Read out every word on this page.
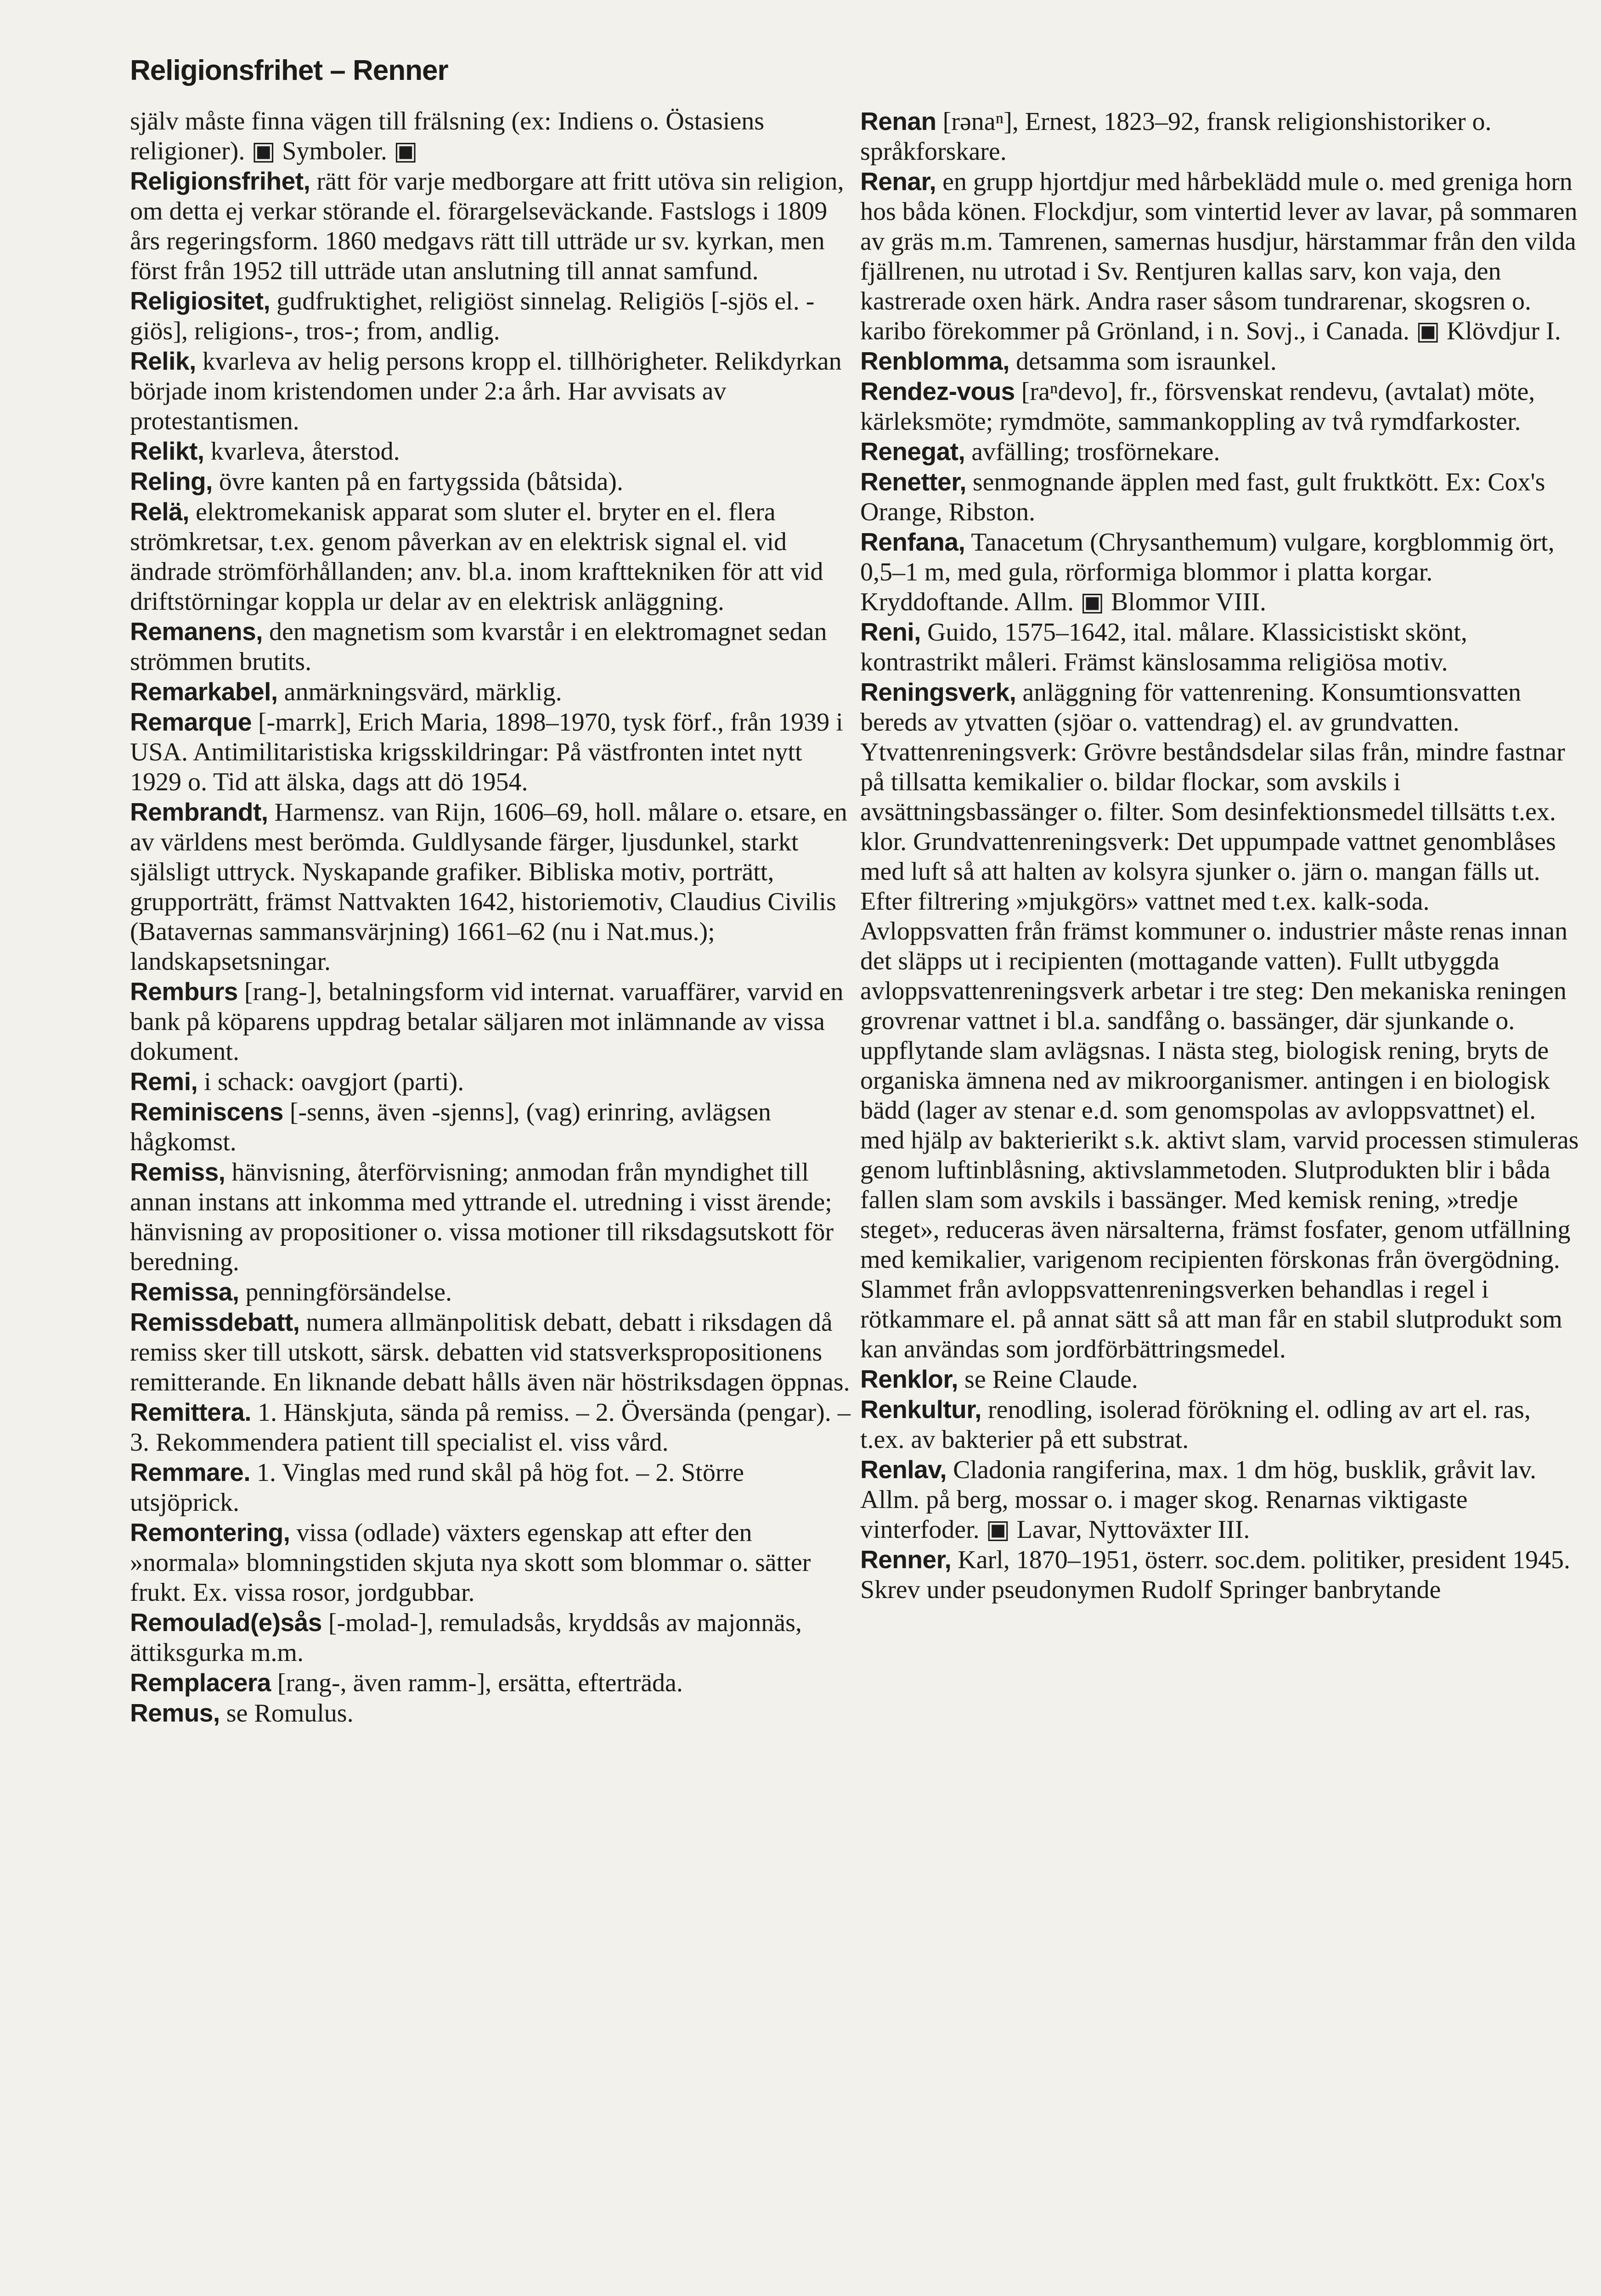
Religionsfrihet – Renner

själv måste finna vägen till frälsning (ex: Indiens o. Östasiens religioner). ▣ Symboler. ▣

Religionsfrihet, rätt för varje medborgare att fritt utöva sin religion, om detta ej verkar störande el. förargelseväckande. Fastslogs i 1809 års regeringsform. 1860 medgavs rätt till utträde ur sv. kyrkan, men först från 1952 till utträde utan anslutning till annat samfund.

Religiositet, gudfruktighet, religiöst sinnelag. Religiös [-sjös el. -giös], religions-, tros-; from, andlig.

Relik, kvarleva av helig persons kropp el. tillhörigheter. Relikdyrkan började inom kristendomen under 2:a årh. Har avvisats av protestantismen.

Relikt, kvarleva, återstod.

Reling, övre kanten på en fartygssida (båtsida).

Relä, elektromekanisk apparat som sluter el. bryter en el. flera strömkretsar, t.ex. genom påverkan av en elektrisk signal el. vid ändrade strömförhållanden; anv. bl.a. inom krafttekniken för att vid driftstörningar koppla ur delar av en elektrisk anläggning.

Remanens, den magnetism som kvarstår i en elektromagnet sedan strömmen brutits.

Remarkabel, anmärkningsvärd, märklig.

Remarque [-marrk], Erich Maria, 1898–1970, tysk förf., från 1939 i USA. Antimilitaristiska krigsskildringar: På västfronten intet nytt 1929 o. Tid att älska, dags att dö 1954.

Rembrandt, Harmensz. van Rijn, 1606–69, holl. målare o. etsare, en av världens mest berömda. Guldlysande färger, ljusdunkel, starkt själsligt uttryck. Nyskapande grafiker. Bibliska motiv, porträtt, grupporträtt, främst Nattvakten 1642, historiemotiv, Claudius Civilis (Batavernas sammansvärjning) 1661–62 (nu i Nat.mus.); landskapsetsningar.

Remburs [rang-], betalningsform vid internat. varuaffärer, varvid en bank på köparens uppdrag betalar säljaren mot inlämnande av vissa dokument.

Remi, i schack: oavgjort (parti).

Reminiscens [-senns, även -sjenns], (vag) erinring, avlägsen hågkomst.

Remiss, hänvisning, återförvisning; anmodan från myndighet till annan instans att inkomma med yttrande el. utredning i visst ärende; hänvisning av propositioner o. vissa motioner till riksdagsutskott för beredning.

Remissa, penningförsändelse.

Remissdebatt, numera allmänpolitisk debatt, debatt i riksdagen då remiss sker till utskott, särsk. debatten vid statsverkspropositionens remitterande. En liknande debatt hålls även när höstriksdagen öppnas.

Remittera. 1. Hänskjuta, sända på remiss. – 2. Översända (pengar). – 3. Rekommendera patient till specialist el. viss vård.

Remmare. 1. Vinglas med rund skål på hög fot. – 2. Större utsjöprick.

Remontering, vissa (odlade) växters egenskap att efter den »normala» blomningstiden skjuta nya skott som blommar o. sätter frukt. Ex. vissa rosor, jordgubbar.

Remoulad(e)sås [-molad-], remuladsås, kryddsås av majonnäs, ättiksgurka m.m.

Remplacera [rang-, även ramm-], ersätta, efterträda.

Remus, se Romulus.

Renan [rənaⁿ], Ernest, 1823–92, fransk religionshistoriker o. språkforskare.

Renar, en grupp hjortdjur med hårbeklädd mule o. med greniga horn hos båda könen. Flockdjur, som vintertid lever av lavar, på sommaren av gräs m.m. Tamrenen, samernas husdjur, härstammar från den vilda fjällrenen, nu utrotad i Sv. Rentjuren kallas sarv, kon vaja, den kastrerade oxen härk. Andra raser såsom tundrarenar, skogsren o. karibo förekommer på Grönland, i n. Sovj., i Canada. ▣ Klövdjur I.

Renblomma, detsamma som israunkel.

Rendez-vous [raⁿdevo], fr., försvenskat rendevu, (avtalat) möte, kärleksmöte; rymdmöte, sammankoppling av två rymdfarkoster.

Renegat, avfälling; trosförnekare.

Renetter, senmognande äpplen med fast, gult fruktkött. Ex: Cox's Orange, Ribston.

Renfana, Tanacetum (Chrysanthemum) vulgare, korgblommig ört, 0,5–1 m, med gula, rörformiga blommor i platta korgar. Kryddoftande. Allm. ▣ Blommor VIII.

Reni, Guido, 1575–1642, ital. målare. Klassicistiskt skönt, kontrastrikt måleri. Främst känslosamma religiösa motiv.

Reningsverk, anläggning för vattenrening. Konsumtionsvatten bereds av ytvatten (sjöar o. vattendrag) el. av grundvatten. Ytvattenreningsverk: Grövre beståndsdelar silas från, mindre fastnar på tillsatta kemikalier o. bildar flockar, som avskils i avsättningsbassänger o. filter. Som desinfektionsmedel tillsätts t.ex. klor. Grundvattenreningsverk: Det uppumpade vattnet genomblåses med luft så att halten av kolsyra sjunker o. järn o. mangan fälls ut. Efter filtrering »mjukgörs» vattnet med t.ex. kalk-soda. Avloppsvatten från främst kommuner o. industrier måste renas innan det släpps ut i recipienten (mottagande vatten). Fullt utbyggda avloppsvattenreningsverk arbetar i tre steg: Den mekaniska reningen grovrenar vattnet i bl.a. sandfång o. bassänger, där sjunkande o. uppflytande slam avlägsnas. I nästa steg, biologisk rening, bryts de organiska ämnena ned av mikroorganismer. antingen i en biologisk bädd (lager av stenar e.d. som genomspolas av avloppsvattnet) el. med hjälp av bakterierikt s.k. aktivt slam, varvid processen stimuleras genom luftinblåsning, aktivslammetoden. Slutprodukten blir i båda fallen slam som avskils i bassänger. Med kemisk rening, »tredje steget», reduceras även närsalterna, främst fosfater, genom utfällning med kemikalier, varigenom recipienten förskonas från övergödning. Slammet från avloppsvattenreningsverken behandlas i regel i rötkammare el. på annat sätt så att man får en stabil slutprodukt som kan användas som jordförbättringsmedel.

Renklor, se Reine Claude.

Renkultur, renodling, isolerad förökning el. odling av art el. ras, t.ex. av bakterier på ett substrat.

Renlav, Cladonia rangiferina, max. 1 dm hög, busklik, gråvit lav. Allm. på berg, mossar o. i mager skog. Renarnas viktigaste vinterfoder. ▣ Lavar, Nyttoväxter III.

Renner, Karl, 1870–1951, österr. soc.dem. politiker, president 1945. Skrev under pseudonymen Rudolf Springer banbrytande
